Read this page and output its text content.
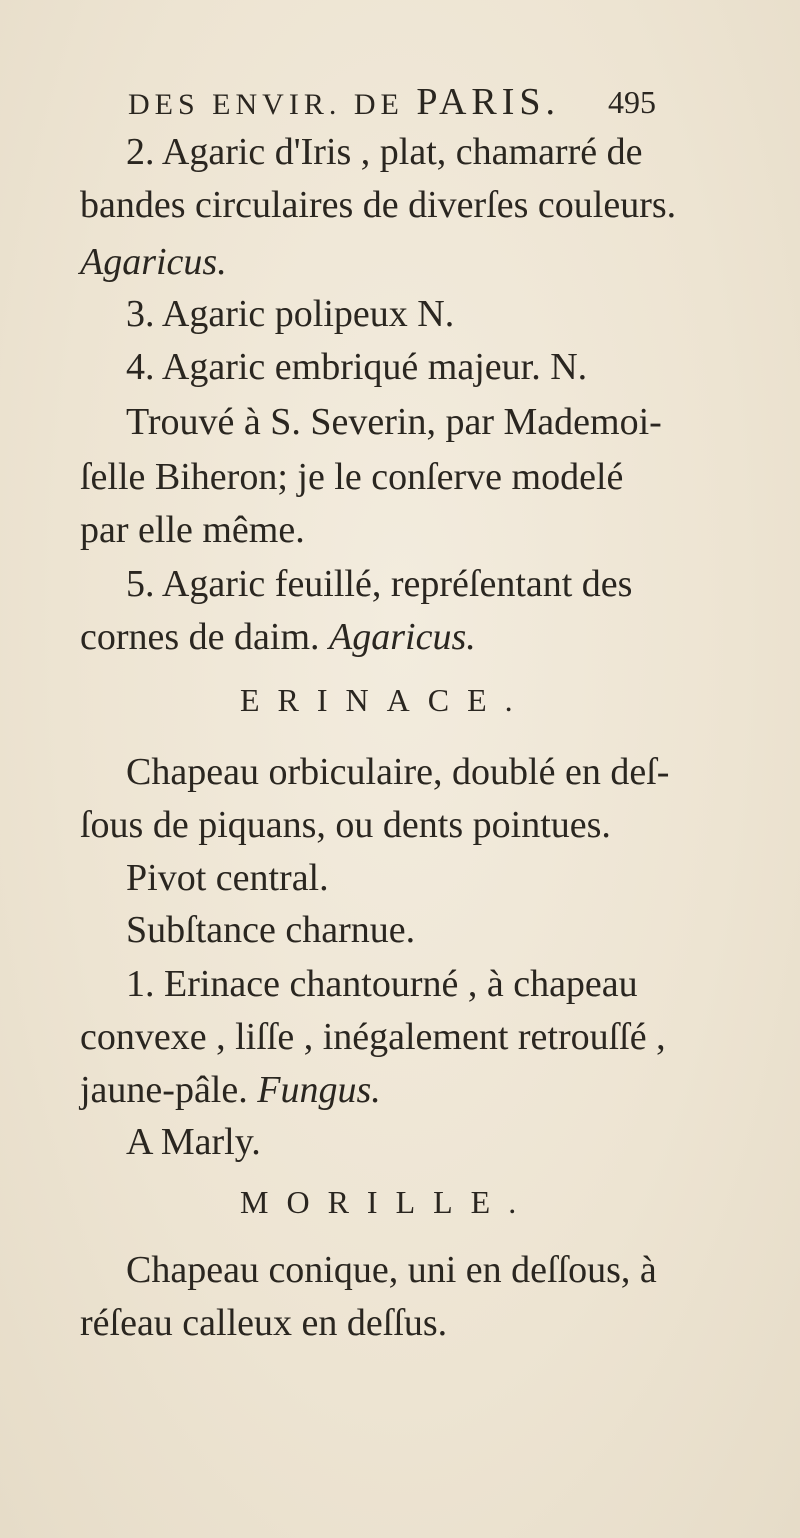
DES ENVIR. DE PARIS. 495
2. Agaric d'Iris , plat, chamarré de
bandes circulaires de diverſes couleurs.
Agaricus.
3. Agaric polipeux N.
4. Agaric embriqué majeur. N.
Trouvé à S. Severin, par Mademoi-
ſelle Biheron; je le conſerve modelé
par elle même.
5. Agaric feuillé, repréſentant des
cornes de daim. Agaricus.
ERINACE.
Chapeau orbiculaire, doublé en deſ-
ſous de piquans, ou dents pointues.
Pivot central.
Subſtance charnue.
1. Erinace chantourné , à chapeau
convexe , liſſe , inégalement retrouſſé ,
jaune-pâle. Fungus.
A Marly.
MORILLE.
Chapeau conique, uni en deſſous, à
réſeau calleux en deſſus.
